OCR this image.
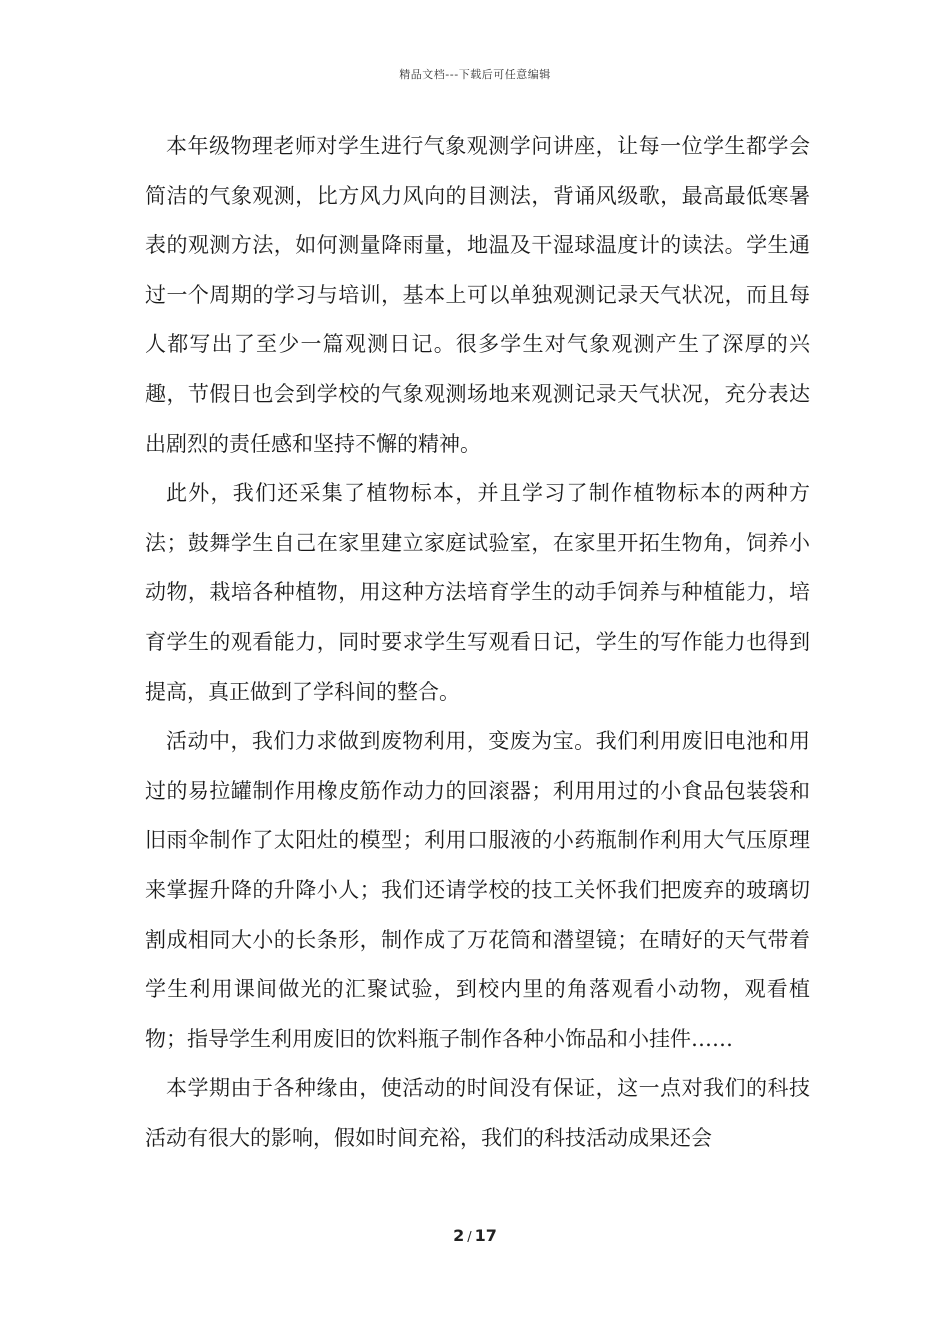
精品文档---下载后可任意编辑

本年级物理老师对学生进行气象观测学问讲座，让每一位学生都学会简洁的气象观测，比方风力风向的目测法，背诵风级歌，最高最低寒暑表的观测方法，如何测量降雨量，地温及干湿球温度计的读法。学生通过一个周期的学习与培训，基本上可以单独观测记录天气状况，而且每人都写出了至少一篇观测日记。很多学生对气象观测产生了深厚的兴趣，节假日也会到学校的气象观测场地来观测记录天气状况，充分表达出剧烈的责任感和坚持不懈的精神。

此外，我们还采集了植物标本，并且学习了制作植物标本的两种方法；鼓舞学生自己在家里建立家庭试验室，在家里开拓生物角，饲养小动物，栽培各种植物，用这种方法培育学生的动手饲养与种植能力，培育学生的观看能力，同时要求学生写观看日记，学生的写作能力也得到提高，真正做到了学科间的整合。

活动中，我们力求做到废物利用，变废为宝。我们利用废旧电池和用过的易拉罐制作用橡皮筋作动力的回滚器；利用用过的小食品包装袋和旧雨伞制作了太阳灶的模型；利用口服液的小药瓶制作利用大气压原理来掌握升降的升降小人；我们还请学校的技工关怀我们把废弃的玻璃切割成相同大小的长条形，制作成了万花筒和潜望镜；在晴好的天气带着学生利用课间做光的汇聚试验，到校内里的角落观看小动物，观看植物；指导学生利用废旧的饮料瓶子制作各种小饰品和小挂件……

本学期由于各种缘由，使活动的时间没有保证，这一点对我们的科技活动有很大的影响，假如时间充裕，我们的科技活动成果还会

2 / 17
